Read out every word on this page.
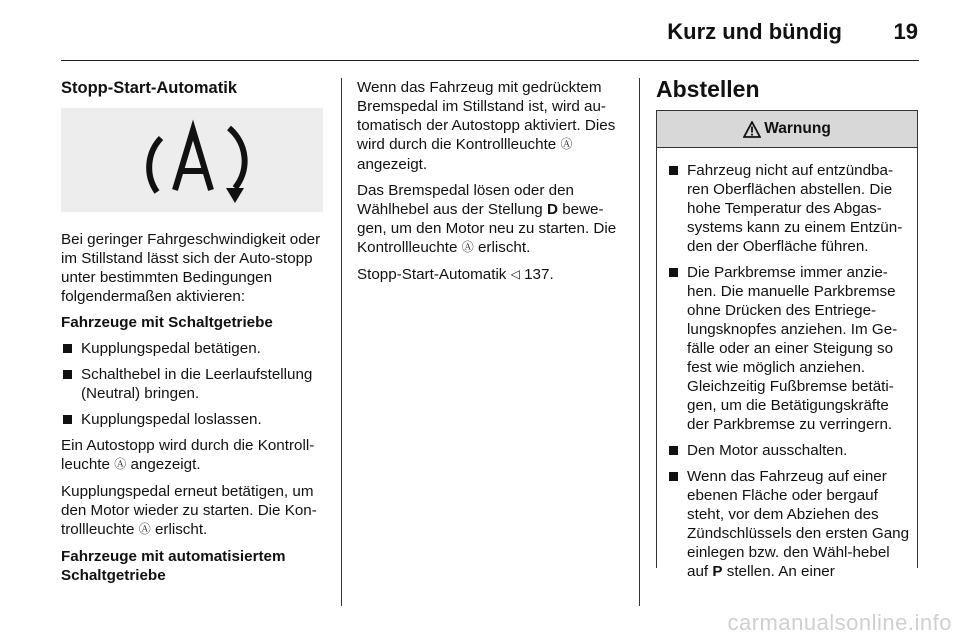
Kurz und bündig 19
Stopp-Start-Automatik

Bei geringer Fahrgeschwindigkeit oder im Stillstand lässt sich der Auto-stopp unter bestimmten Bedingungen folgendermaßen aktivieren:

Fahrzeuge mit Schaltgetriebe

Kupplungspedal betätigen.
Schalthebel in die Leerlaufstellung (Neutral) bringen.
Kupplungspedal loslassen.

Ein Autostopp wird durch die Kontroll-leuchte Ⓐ angezeigt.

Kupplungspedal erneut betätigen, um den Motor wieder zu starten. Die Kon-trollleuchte Ⓐ erlischt.

Fahrzeuge mit automatisiertem Schaltgetriebe

Wenn das Fahrzeug mit gedrücktem Bremspedal im Stillstand ist, wird au-tomatisch der Autostopp aktiviert. Dies wird durch die Kontrollleuchte Ⓐ angezeigt.

Das Bremspedal lösen oder den Wählhebel aus der Stellung D bewe-gen, um den Motor neu zu starten. Die Kontrollleuchte Ⓐ erlischt.

Stopp-Start-Automatik ◁ 137.

Abstellen
Warnung
Fahrzeug nicht auf entzündba-ren Oberflächen abstellen. Die hohe Temperatur des Abgas-systems kann zu einem Entzün-den der Oberfläche führen.
Die Parkbremse immer anzie-hen. Die manuelle Parkbremse ohne Drücken des Entriege-lungsknopfes anziehen. Im Ge-fälle oder an einer Steigung so fest wie möglich anziehen. Gleichzeitig Fußbremse betäti-gen, um die Betätigungskräfte der Parkbremse zu verringern.
Den Motor ausschalten.
Wenn das Fahrzeug auf einer ebenen Fläche oder bergauf steht, vor dem Abziehen des Zündschlüssels den ersten Gang einlegen bzw. den Wähl-hebel auf P stellen. An einer
carmanualsonline.info
